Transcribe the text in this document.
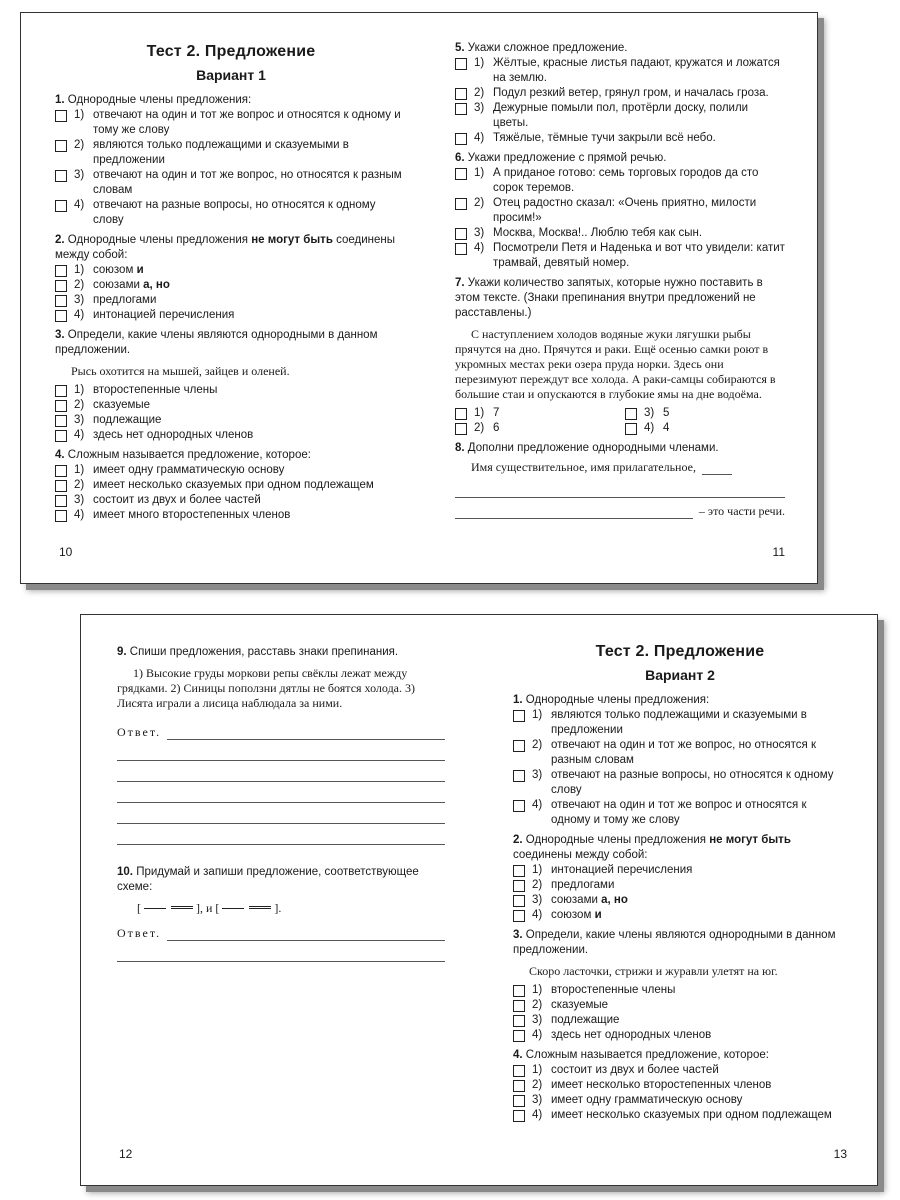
Тест 2. Предложение
Вариант 1
1. Однородные члены предложения:
1) отвечают на один и тот же вопрос и относятся к одному и тому же слову
2) являются только подлежащими и сказуемыми в предложении
3) отвечают на один и тот же вопрос, но относятся к разным словам
4) отвечают на разные вопросы, но относятся к одному слову
2. Однородные члены предложения не могут быть соединены между собой:
1) союзом и
2) союзами а, но
3) предлогами
4) интонацией перечисления
3. Определи, какие члены являются однородными в данном предложении.
Рысь охотится на мышей, зайцев и оленей.
1) второстепенные члены
2) сказуемые
3) подлежащие
4) здесь нет однородных членов
4. Сложным называется предложение, которое:
1) имеет одну грамматическую основу
2) имеет несколько сказуемых при одном подлежащем
3) состоит из двух и более частей
4) имеет много второстепенных членов
10
5. Укажи сложное предложение.
1) Жёлтые, красные листья падают, кружатся и ложатся на землю.
2) Подул резкий ветер, грянул гром, и началась гроза.
3) Дежурные помыли пол, протёрли доску, полили цветы.
4) Тяжёлые, тёмные тучи закрыли всё небо.
6. Укажи предложение с прямой речью.
1) А приданое готово: семь торговых городов да сто сорок теремов.
2) Отец радостно сказал: «Очень приятно, милости просим!»
3) Москва, Москва!.. Люблю тебя как сын.
4) Посмотрели Петя и Наденька и вот что увидели: катит трамвай, девятый номер.
7. Укажи количество запятых, которые нужно поставить в этом тексте. (Знаки препинания внутри предложений не расставлены.)
С наступлением холодов водяные жуки лягушки рыбы прячутся на дно. Прячутся и раки. Ещё осенью самки роют в укромных местах реки озера пруда норки. Здесь они перезимуют переждут все холода. А раки-самцы собираются в большие стаи и опускаются в глубокие ямы на дне водоёма.
1) 7	3) 5
2) 6	4) 4
8. Дополни предложение однородными членами.
Имя существительное, имя прилагательное,
– это части речи.
11
9. Спиши предложения, расставь знаки препинания.
1) Высокие груды моркови репы свёклы лежат между грядками. 2) Синицы поползни дятлы не боятся холода. 3) Лисята играли а лисица наблюдала за ними.
Ответ.
10. Придумай и запиши предложение, соответствующее схеме:
[	], и [	].
Ответ.
12
Тест 2. Предложение
Вариант 2
1. Однородные члены предложения:
1) являются только подлежащими и сказуемыми в предложении
2) отвечают на один и тот же вопрос, но относятся к разным словам
3) отвечают на разные вопросы, но относятся к одному слову
4) отвечают на один и тот же вопрос и относятся к одному и тому же слову
2. Однородные члены предложения не могут быть соединены между собой:
1) интонацией перечисления
2) предлогами
3) союзами а, но
4) союзом и
3. Определи, какие члены являются однородными в данном предложении.
Скоро ласточки, стрижи и журавли улетят на юг.
1) второстепенные члены
2) сказуемые
3) подлежащие
4) здесь нет однородных членов
4. Сложным называется предложение, которое:
1) состоит из двух и более частей
2) имеет несколько второстепенных членов
3) имеет одну грамматическую основу
4) имеет несколько сказуемых при одном подлежащем
13
